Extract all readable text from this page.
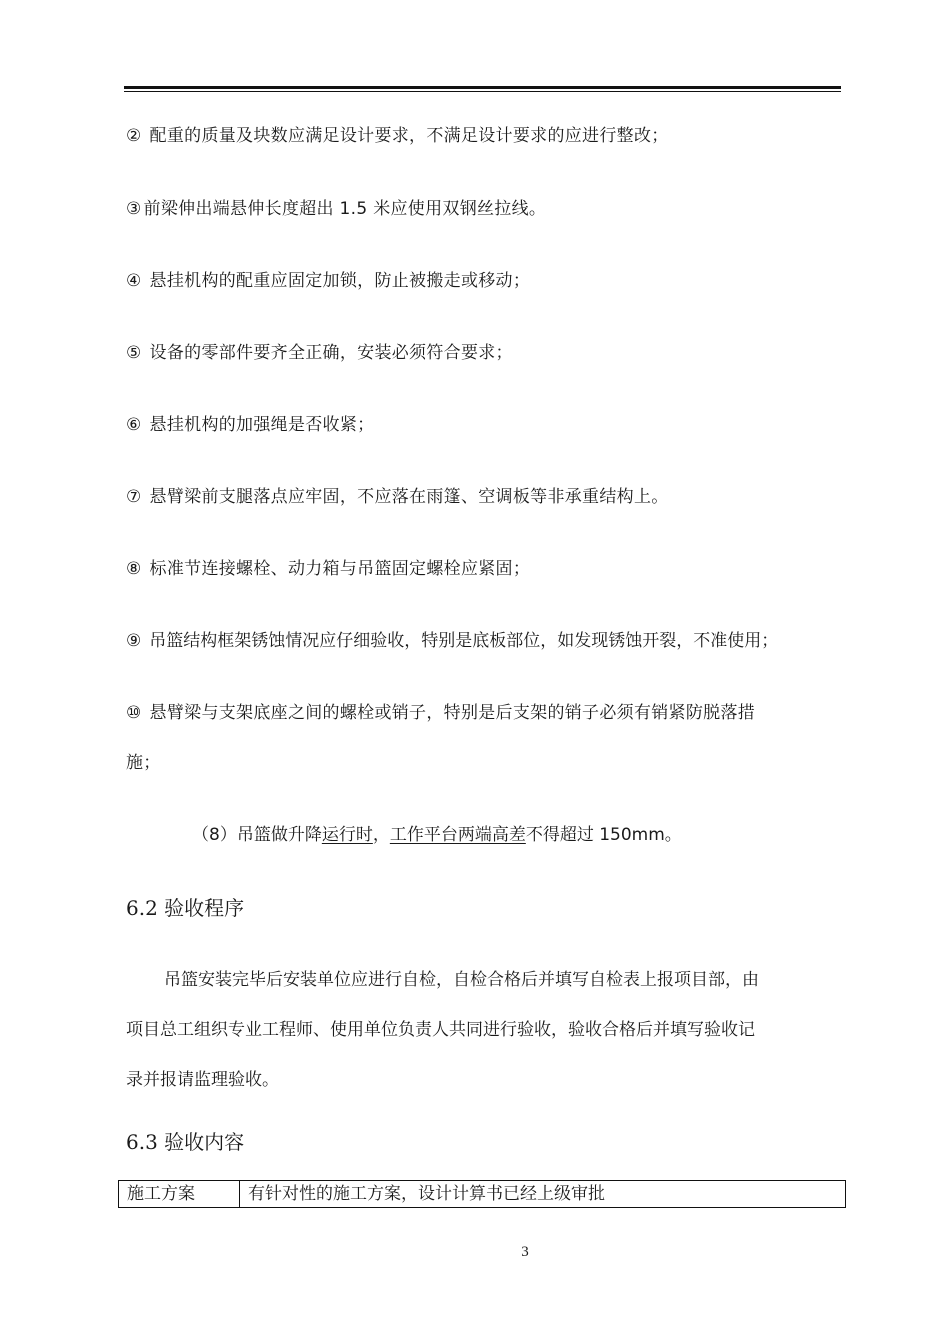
② 配重的质量及块数应满足设计要求，不满足设计要求的应进行整改；
③ 前梁伸出端悬伸长度超出 1.5 米应使用双钢丝拉线。
④ 悬挂机构的配重应固定加锁，防止被搬走或移动；
⑤ 设备的零部件要齐全正确，安装必须符合要求；
⑥ 悬挂机构的加强绳是否收紧；
⑦ 悬臂梁前支腿落点应牢固，不应落在雨篷、空调板等非承重结构上。
⑧ 标准节连接螺栓、动力箱与吊篮固定螺栓应紧固；
⑨ 吊篮结构框架锈蚀情况应仔细验收，特别是底板部位，如发现锈蚀开裂，不准使用；
⑩ 悬臂梁与支架底座之间的螺栓或销子，特别是后支架的销子必须有销紧防脱落措
施；
（8）吊篮做升降运行时，工作平台两端高差不得超过 150mm。
6.2 验收程序
吊篮安装完毕后安装单位应进行自检，自检合格后并填写自检表上报项目部，由
项目总工组织专业工程师、使用单位负责人共同进行验收，验收合格后并填写验收记
录并报请监理验收。
6.3 验收内容
施工方案	有针对性的施工方案，设计计算书已经上级审批
3
